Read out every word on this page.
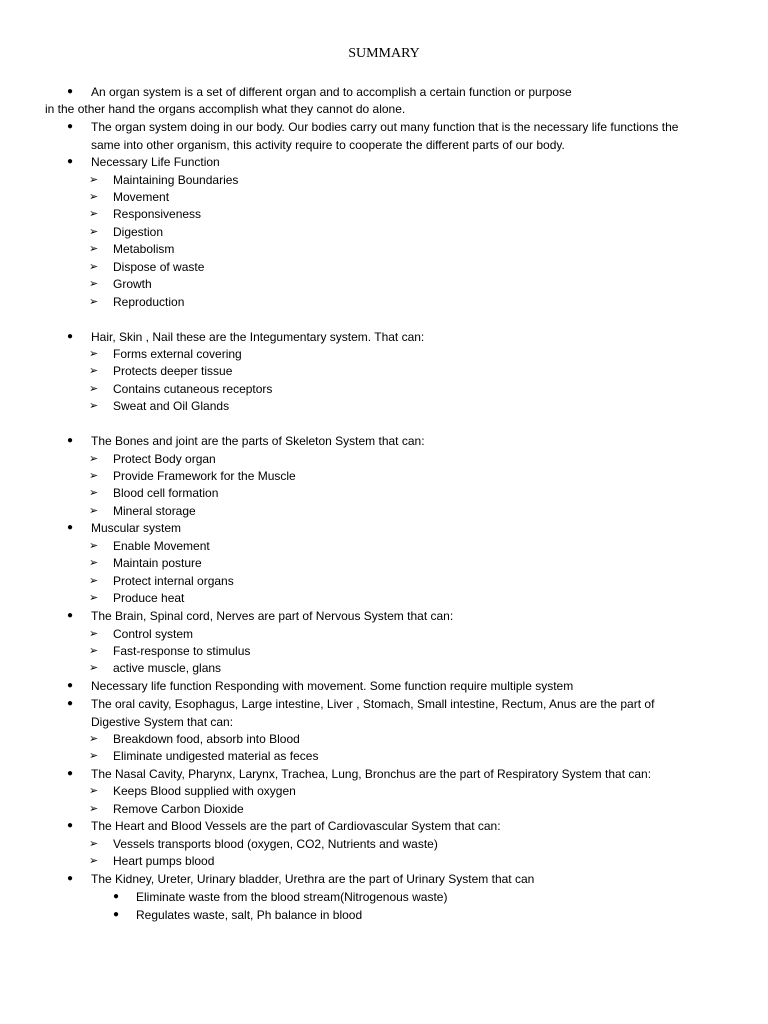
SUMMARY
● An organ system is a set of different organ and to accomplish a certain function or purpose
in the other hand the organs accomplish what they cannot do alone.
● The organ system doing in our body. Our bodies carry out many function that is the necessary life functions the
same into other organism, this activity require to cooperate the different parts of our body.
● Necessary Life Function
➢ Maintaining Boundaries
➢ Movement
➢ Responsiveness
➢ Digestion
➢ Metabolism
➢ Dispose of waste
➢ Growth
➢ Reproduction
● Hair, Skin , Nail these are the Integumentary system. That can:
➢ Forms external covering
➢ Protects deeper tissue
➢ Contains cutaneous receptors
➢ Sweat and Oil Glands
● The Bones and joint are the parts of Skeleton System that can:
➢ Protect Body organ
➢ Provide Framework for the Muscle
➢ Blood cell formation
➢ Mineral storage
● Muscular system
➢ Enable Movement
➢ Maintain posture
➢ Protect internal organs
➢ Produce heat
● The Brain, Spinal cord, Nerves are part of Nervous System that can:
➢ Control system
➢ Fast-response to stimulus
➢ active muscle, glans
● Necessary life function Responding with movement. Some function require multiple system
● The oral cavity, Esophagus, Large intestine, Liver , Stomach, Small intestine, Rectum, Anus are the part of
Digestive System that can:
➢ Breakdown food, absorb into Blood
➢ Eliminate undigested material as feces
● The Nasal Cavity, Pharynx, Larynx, Trachea, Lung, Bronchus are the part of Respiratory System that can:
➢ Keeps Blood supplied with oxygen
➢ Remove Carbon Dioxide
● The Heart and Blood Vessels are the part of Cardiovascular System that can:
➢ Vessels transports blood (oxygen, CO2, Nutrients and waste)
➢ Heart pumps blood
● The Kidney, Ureter, Urinary bladder, Urethra are the part of Urinary System that can
● Eliminate waste from the blood stream(Nitrogenous waste)
● Regulates waste, salt, Ph balance in blood
